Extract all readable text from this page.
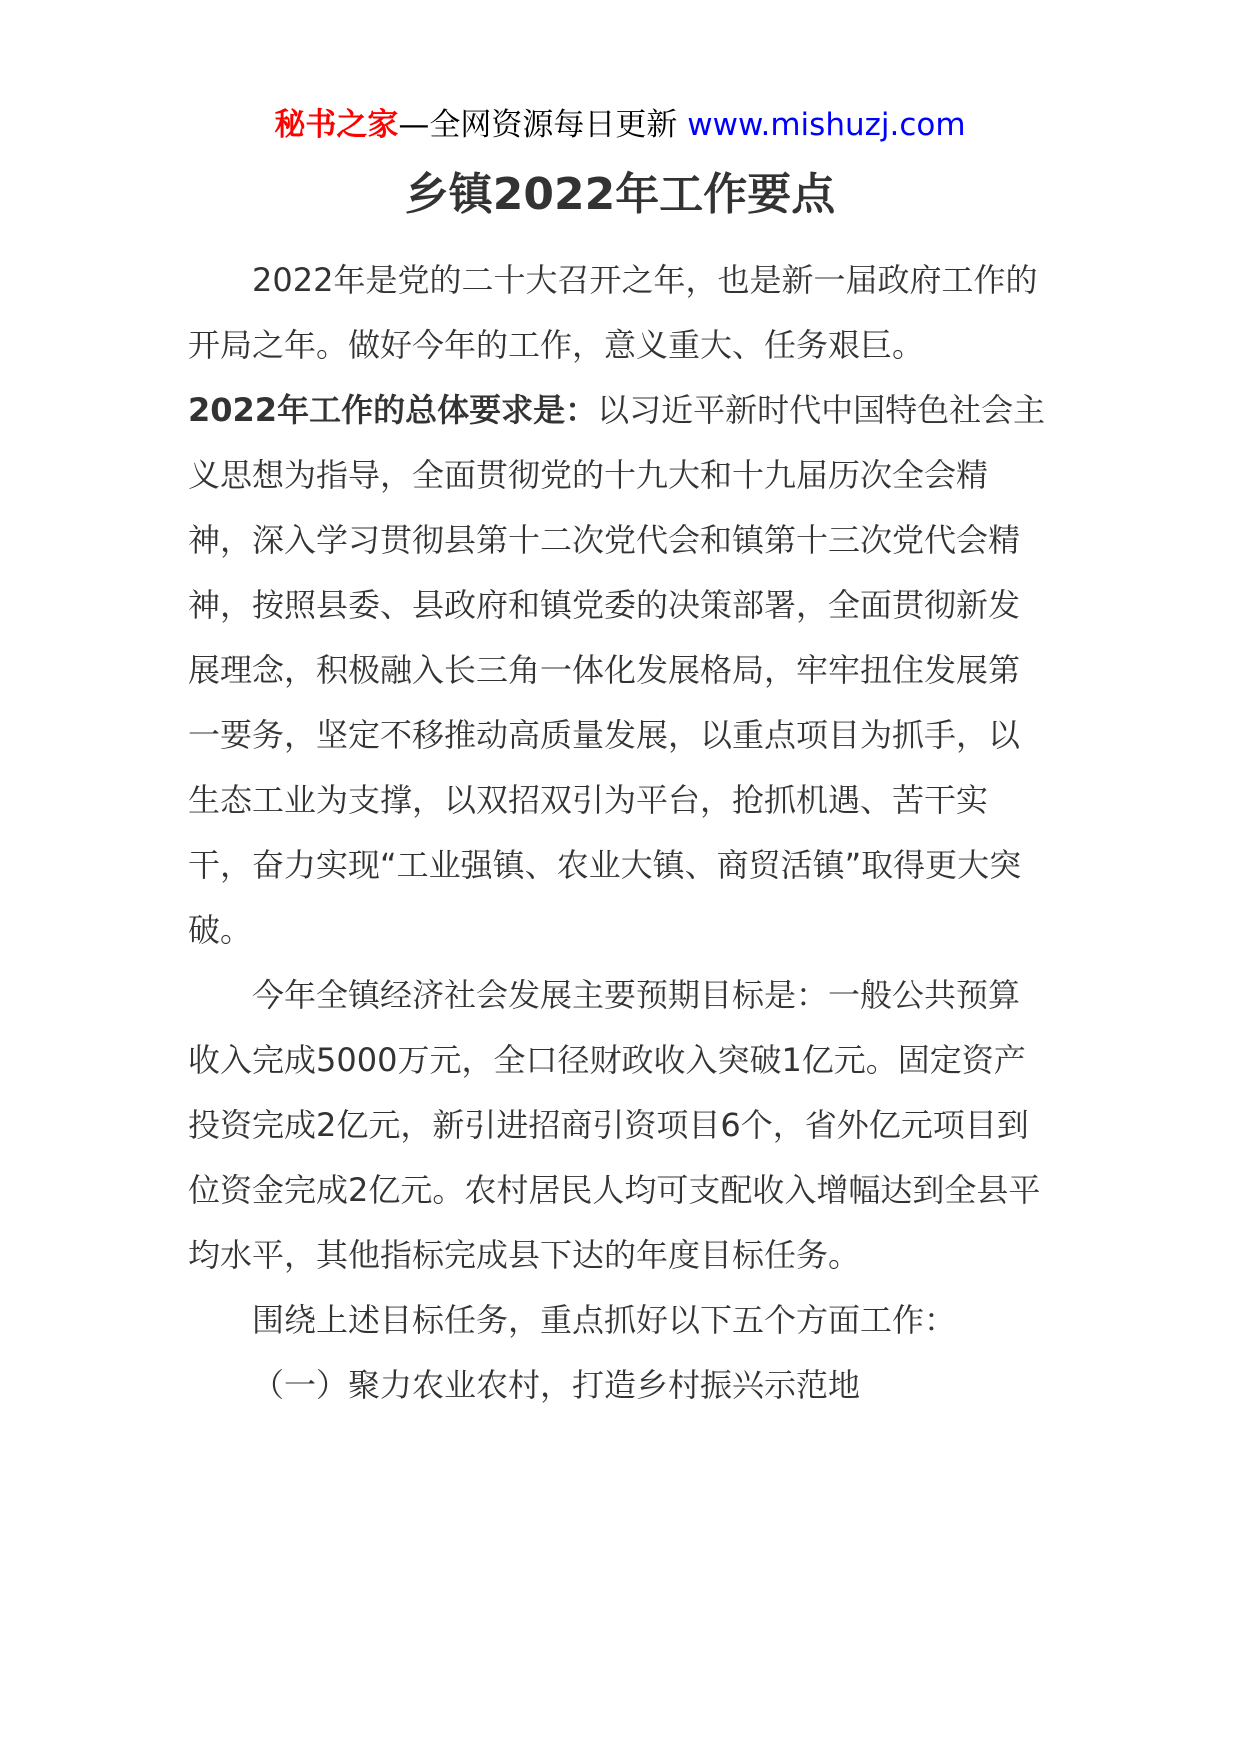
秘书之家—全网资源每日更新 www.mishuzj.com
乡镇2022年工作要点

2022年是党的二十大召开之年，也是新一届政府工作的开局之年。做好今年的工作，意义重大、任务艰巨。

2022年工作的总体要求是：以习近平新时代中国特色社会主义思想为指导，全面贯彻党的十九大和十九届历次全会精神，深入学习贯彻县第十二次党代会和镇第十三次党代会精神，按照县委、县政府和镇党委的决策部署，全面贯彻新发展理念，积极融入长三角一体化发展格局，牢牢扭住发展第一要务，坚定不移推动高质量发展，以重点项目为抓手，以生态工业为支撑，以双招双引为平台，抢抓机遇、苦干实干，奋力实现“工业强镇、农业大镇、商贸活镇”取得更大突破。

今年全镇经济社会发展主要预期目标是：一般公共预算收入完成5000万元，全口径财政收入突破1亿元。固定资产投资完成2亿元，新引进招商引资项目6个，省外亿元项目到位资金完成2亿元。农村居民人均可支配收入增幅达到全县平均水平，其他指标完成县下达的年度目标任务。

围绕上述目标任务，重点抓好以下五个方面工作：

（一）聚力农业农村，打造乡村振兴示范地
